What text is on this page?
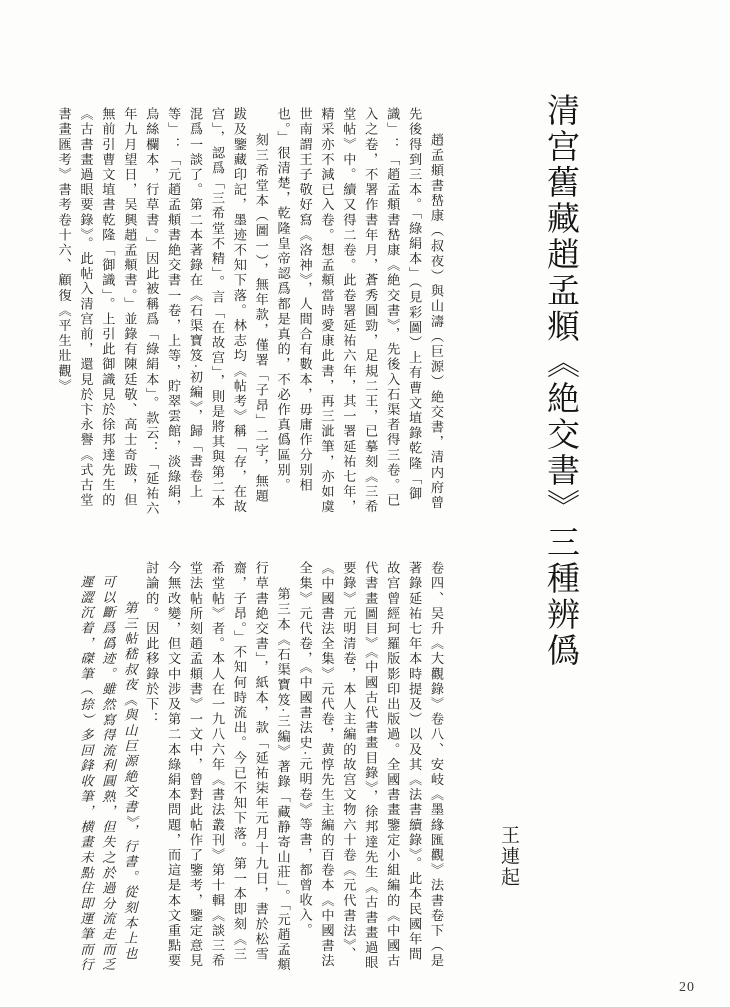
清宫舊藏趙孟頫《絶交書》三種辨僞
王連起

趙孟頫書嵆康（叔夜）與山濤（巨源）絶交書，清内府曾先後得到三本。「綠絹本」（見彩圖）上有曹文埴錄乾隆「御識」：「趙孟頫書嵆康《絶交書》，先後入石渠者得三卷。已入之卷，不署作書年月，蒼秀圓勁，足規二王，已摹刻《三希堂帖》中。續又得二卷。此卷署延祐六年，其一署延祐七年，精采亦不減已入卷。想孟頫當時愛康此書，再三泚筆，亦如虞世南謂王子敬好寫《洛神》，人間合有數本，毋庸作分别相也。」很清楚，乾隆皇帝認爲都是真的，不必作真僞區别。

刻三希堂本（圖一），無年款，僅署「子昂」二字，無題跋及鑒藏印記，墨迹不知下落。林志均《帖考》稱「存，在故宫」，認爲「三希堂不精」。言「在故宫」，則是將其與第二本混爲一談了。第二本著錄在《石渠寶笈·初編》，歸「書卷上等」：「元趙孟頫書絶交書一卷，上等，貯翠雲館，淡綠絹，烏絲欄本，行草書。」因此被稱爲「綠絹本」。款云：「延祐六年九月望日，吴興趙孟頫書。」並錄有陳廷敬、高士奇跋，但無前引曹文埴書乾隆「御識」。上引此御識見於徐邦達先生的《古書畫過眼要錄》。此帖入清宫前，還見於卞永譽《式古堂書畫匯考》書考卷十六、顧復《平生壯觀》

卷四、吴升《大觀錄》卷八、安岐《墨緣匯觀》法書卷下（是著錄延祐七年本時提及）以及其《法書續錄》。此本民國年間故宫曾經珂羅版影印出版過。全國書畫鑒定小組編的《中國古代書畫圖目》《中國古代書畫目錄》，徐邦達先生《古書畫過眼要錄》元明清卷，本人主編的故宫文物六十卷《元代書法》、《中國書法全集》元代卷，黄惇先生主編的百卷本《中國書法全集》元代卷，《中國書法史·元明卷》等書，都曾收入。

第三本《石渠寶笈·三編》著錄「藏静寄山莊」。「元趙孟頫行草書絶交書」，紙本，款「延祐柒年元月十九日，書於松雪齋，子昂。」不知何時流出。今已不知下落。第一本即刻《三希堂帖》者。本人在一九八六年《書法叢刊》第十輯《談三希堂法帖所刻趙孟頫書》一文中，曾對此帖作了鑒考，鑒定意見今無改變，但文中涉及第二本綠絹本問題，而這是本文重點要討論的。因此移錄於下：

第三帖嵇叔夜《與山巨源絶交書》，行書。從刻本上也可以斷爲僞迹。雖然寫得流利圓熟，但失之於過分流走而乏遲澀沉着，磔筆（捺）多回鋒收筆，横畫未點住即運筆而行

20
